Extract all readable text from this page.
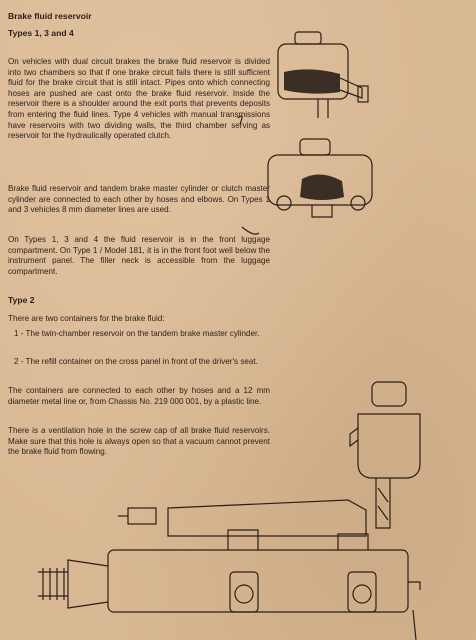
Brake fluid reservoir
Types 1, 3 and 4

On vehicles with dual circuit brakes the brake fluid reservoir is divided into two chambers so that if one brake circuit fails there is still sufficient fluid for the brake circuit that is still intact. Pipes onto which connecting hoses are pushed are cast onto the brake fluid reservoir. Inside the reservoir there is a shoulder around the exit ports that prevents deposits from entering the fluid lines. Type 4 vehicles with manual transmissions have reservoirs with two dividing walls, the third chamber serving as reservoir for the hydraulically operated clutch.

Brake fluid reservoir and tandem brake master cylinder or clutch master cylinder are connected to each other by hoses and elbows. On Types 1 and 3 vehicles 8 mm diameter lines are used.

On Types 1, 3 and 4 the fluid reservoir is in the front luggage compartment. On Type 1 / Model 181, it is in the front foot well below the instrument panel. The filler neck is accessible from the luggage compartment.

Type 2

There are two containers for the brake fluid:

1 - The twin-chamber reservoir on the tandem brake master cylinder.

2 - The refill container on the cross panel in front of the driver's seat.

The containers are connected to each other by hoses and a 12 mm diameter metal line or, from Chassis No. 219 000 001, by a plastic line.

There is a ventilation hole in the screw cap of all brake fluid reservoirs. Make sure that this hole is always open so that a vacuum cannot prevent the brake fluid from flowing.
